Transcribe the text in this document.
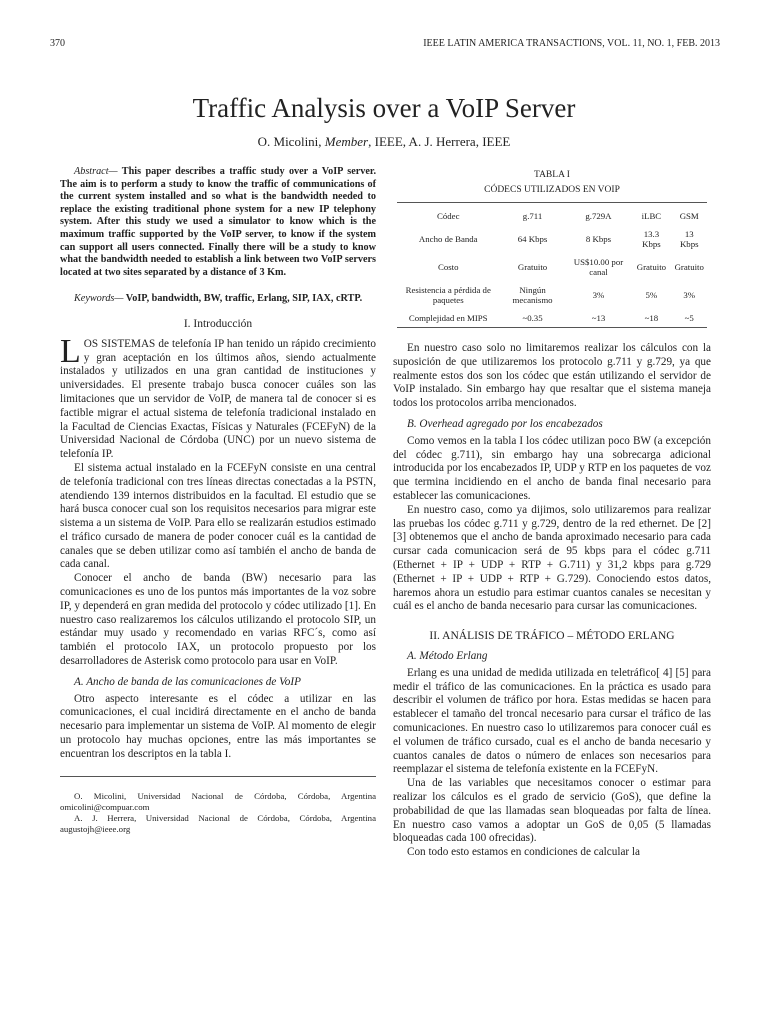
370	IEEE LATIN AMERICA TRANSACTIONS, VOL. 11, NO. 1, FEB. 2013
Traffic Analysis over a VoIP Server
O. Micolini, Member, IEEE, A. J. Herrera, IEEE

Abstract— This paper describes a traffic study over a VoIP server. The aim is to perform a study to know the traffic of communications of the current system installed and so what is the bandwidth needed to replace the existing traditional phone system for a new IP telephony system. After this study we used a simulator to know which is the maximum traffic supported by the VoIP server, to know if the system can support all users connected. Finally there will be a study to know what the bandwidth needed to establish a link between two VoIP servers located at two sites separated by a distance of 3 Km.

Keywords— VoIP, bandwidth, BW, traffic, Erlang, SIP, IAX, cRTP.

I. Introducción

LOS SISTEMAS de telefonía IP han tenido un rápido crecimiento y gran aceptación en los últimos años, siendo actualmente instalados y utilizados en una gran cantidad de instituciones y universidades. El presente trabajo busca conocer cuáles son las limitaciones que un servidor de VoIP, de manera tal de conocer si es factible migrar el actual sistema de telefonía tradicional instalado en la Facultad de Ciencias Exactas, Físicas y Naturales (FCEFyN) de la Universidad Nacional de Córdoba (UNC) por un nuevo sistema de telefonía IP.

El sistema actual instalado en la FCEFyN consiste en una central de telefonía tradicional con tres líneas directas conectadas a la PSTN, atendiendo 139 internos distribuidos en la facultad. El estudio que se hará busca conocer cual son los requisitos necesarios para migrar este sistema a un sistema de VoIP. Para ello se realizarán estudios estimado el tráfico cursado de manera de poder conocer cuál es la cantidad de canales que se deben utilizar como así también el ancho de banda de cada canal.

Conocer el ancho de banda (BW) necesario para las comunicaciones es uno de los puntos más importantes de la voz sobre IP, y dependerá en gran medida del protocolo y códec utilizado [1]. En nuestro caso realizaremos los cálculos utilizando el protocolo SIP, un estándar muy usado y recomendado en varias RFC´s, como así también el protocolo IAX, un protocolo propuesto por los desarrolladores de Asterisk como protocolo para usar en VoIP.

A. Ancho de banda de las comunicaciones de VoIP

Otro aspecto interesante es el códec a utilizar en las comunicaciones, el cual incidirá directamente en el ancho de banda necesario para implementar un sistema de VoIP. Al momento de elegir un protocolo hay muchas opciones, entre las más importantes se encuentran los descriptos en la tabla I.

O. Micolini, Universidad Nacional de Córdoba, Córdoba, Argentina omicolini@compuar.com

A. J. Herrera, Universidad Nacional de Córdoba, Córdoba, Argentina augustojh@ieee.org

TABLA I
CÓDECS UTILIZADOS EN VOIP
Códec	g.711	g.729A	iLBC	GSM
Ancho de Banda	64 Kbps	8 Kbps	13.3 Kbps	13 Kbps
Costo	Gratuito	US$10.00 por canal	Gratuito	Gratuito
Resistencia a pérdida de paquetes	Ningún mecanismo	3%	5%	3%
Complejidad en MIPS	~0.35	~13	~18	~5

En nuestro caso solo no limitaremos realizar los cálculos con la suposición de que utilizaremos los protocolo g.711 y g.729, ya que realmente estos dos son los códec que están utilizando el servidor de VoIP instalado. Sin embargo hay que resaltar que el sistema maneja todos los protocolos arriba mencionados.

B. Overhead agregado por los encabezados

Como vemos en la tabla I los códec utilizan poco BW (a excepción del códec g.711), sin embargo hay una sobrecarga adicional introducida por los encabezados IP, UDP y RTP en los paquetes de voz que termina incidiendo en el ancho de banda final necesario para establecer las comunicaciones.

En nuestro caso, como ya dijimos, solo utilizaremos para realizar las pruebas los códec g.711 y g.729, dentro de la red ethernet. De [2] [3] obtenemos que el ancho de banda aproximado necesario para cada cursar cada comunicacion será de 95 kbps para el códec g.711 (Ethernet + IP + UDP + RTP + G.711) y 31,2 kbps para g.729 (Ethernet + IP + UDP + RTP + G.729). Conociendo estos datos, haremos ahora un estudio para estimar cuantos canales se necesitan y cuál es el ancho de banda necesario para cursar las comunicaciones.

II. ANÁLISIS DE TRÁFICO – MÉTODO ERLANG
A. Método Erlang

Erlang es una unidad de medida utilizada en teletráfico[ 4] [5] para medir el tráfico de las comunicaciones. En la práctica es usado para describir el volumen de tráfico por hora. Estas medidas se hacen para establecer el tamaño del troncal necesario para cursar el tráfico de las comunicaciones. En nuestro caso lo utilizaremos para conocer cuál es el volumen de tráfico cursado, cual es el ancho de banda necesario y cuantos canales de datos o número de enlaces son necesarios para reemplazar el sistema de telefonía existente en la FCEFyN.

Una de las variables que necesitamos conocer o estimar para realizar los cálculos es el grado de servicio (GoS), que define la probabilidad de que las llamadas sean bloqueadas por falta de línea. En nuestro caso vamos a adoptar un GoS de 0,05 (5 llamadas bloqueadas cada 100 ofrecidas).

Con todo esto estamos en condiciones de calcular la
